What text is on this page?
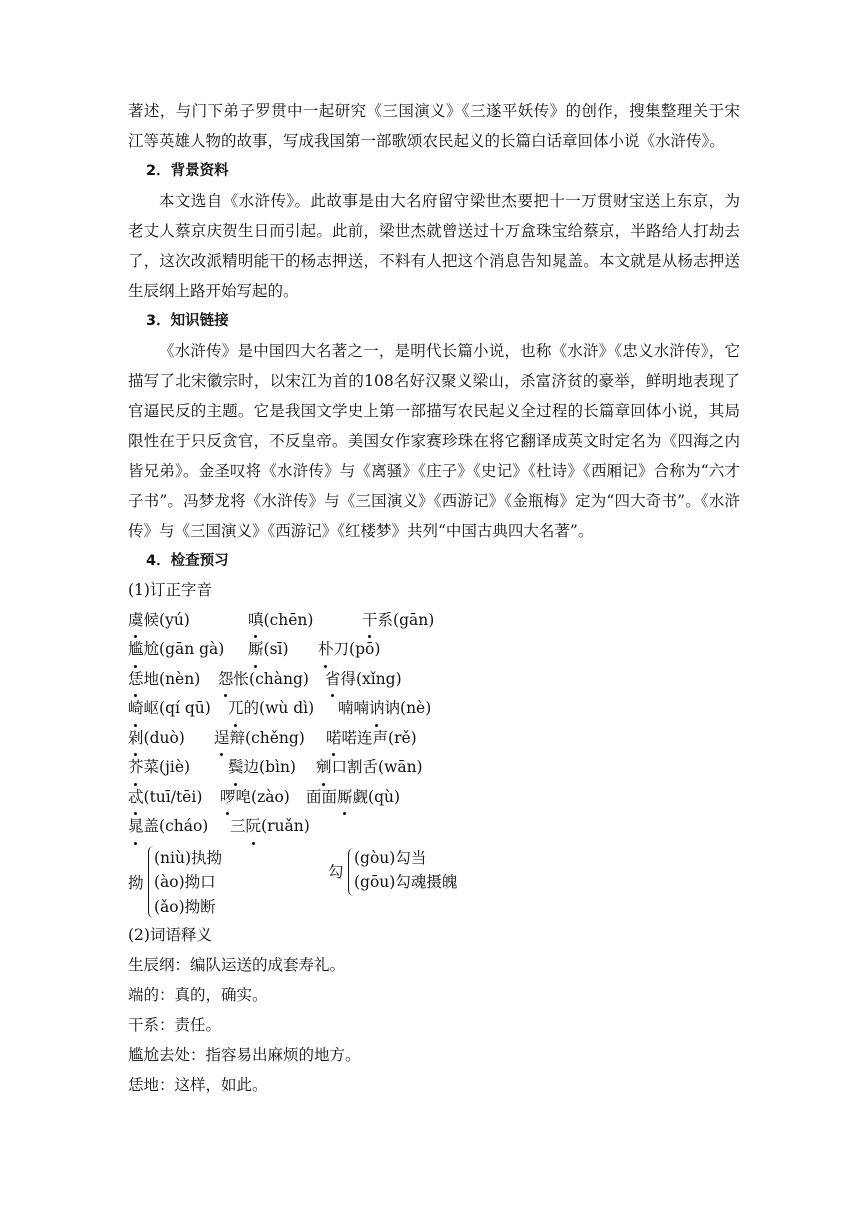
著述，与门下弟子罗贯中一起研究《三国演义》《三遂平妖传》的创作，搜集整理关于宋江等英雄人物的故事，写成我国第一部歌颂农民起义的长篇白话章回体小说《水浒传》。

2．背景资料

本文选自《水浒传》。此故事是由大名府留守梁世杰要把十一万贯财宝送上东京，为老丈人蔡京庆贺生日而引起。此前，梁世杰就曾送过十万盒珠宝给蔡京，半路给人打劫去了，这次改派精明能干的杨志押送，不料有人把这个消息告知晁盖。本文就是从杨志押送生辰纲上路开始写起的。

3．知识链接

《水浒传》是中国四大名著之一，是明代长篇小说，也称《水浒》《忠义水浒传》，它描写了北宋徽宗时，以宋江为首的108名好汉聚义梁山，杀富济贫的豪举，鲜明地表现了官逼民反的主题。它是我国文学史上第一部描写农民起义全过程的长篇章回体小说，其局限性在于只反贪官，不反皇帝。美国女作家赛珍珠在将它翻译成英文时定名为《四海之内皆兄弟》。金圣叹将《水浒传》与《离骚》《庄子》《史记》《杜诗》《西厢记》合称为“六才子书”。冯梦龙将《水浒传》与《三国演义》《西游记》《金瓶梅》定为“四大奇书”。《水浒传》与《三国演义》《西游记》《红楼梦》共列“中国古典四大名著”。

4．检查预习

(1)订正字音

虞候(yú)	嗔(chēn)	干系(gān)

尴尬(gān gà) 厮(sī) 朴刀(pō)

恁地(nèn) 怨怅(chàng) 省得(xǐng)

崎岖(qí qū) 兀的(wù dì) 喃喃讷讷(nè)

剁(duò) 逞辩(chěng) 喏喏连声(rě)

芥菜(jiè) 鬓边(bìn) 剜口割舌(wān)

忒(tuī/tēi) 啰唣(zào) 面面厮觑(qù)

晁盖(cháo) 三阮(ruǎn)

拗
(niù)执拗
(ào)拗口
(ǎo)拗断
勾
(gòu)勾当
(gōu)勾魂摄魄

(2)词语释义

生辰纲：编队运送的成套寿礼。

端的：真的，确实。

干系：责任。

尴尬去处：指容易出麻烦的地方。

恁地：这样，如此。
